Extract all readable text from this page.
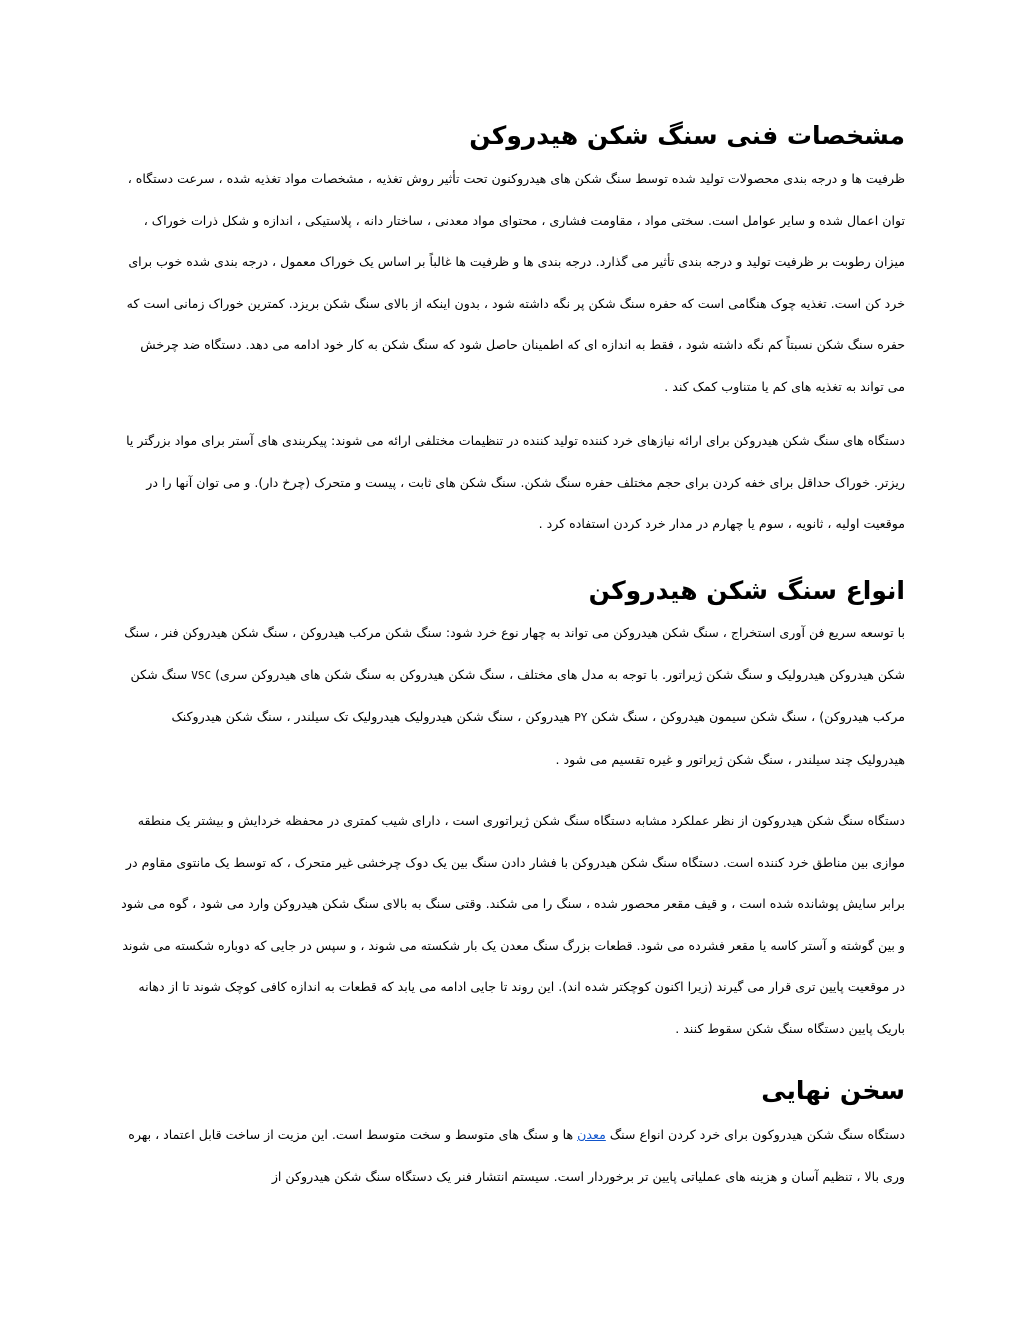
مشخصات فنی سنگ شکن هیدروکن

ظرفیت ها و درجه بندی محصولات تولید شده توسط سنگ شکن های هیدروکنون تحت تأثیر روش تغذیه ، مشخصات مواد تغذیه شده ، سرعت دستگاه ، توان اعمال شده و سایر عوامل است. سختی مواد ، مقاومت فشاری ، محتوای مواد معدنی ، ساختار دانه ، پلاستیکی ، اندازه و شکل ذرات خوراک ، میزان رطوبت بر ظرفیت تولید و درجه بندی تأثیر می گذارد. درجه بندی ها و ظرفیت ها غالباً بر اساس یک خوراک معمول ، درجه بندی شده خوب برای خرد کن است. تغذیه چوک هنگامی است که حفره سنگ شکن پر نگه داشته شود ، بدون اینکه از بالای سنگ شکن بریزد. کمترین خوراک زمانی است که حفره سنگ شکن نسبتاً کم نگه داشته شود ، فقط به اندازه ای که اطمینان حاصل شود که سنگ شکن به کار خود ادامه می دهد. دستگاه ضد چرخش می تواند به تغذیه های کم یا متناوب کمک کند .

دستگاه های سنگ شکن هیدروکن برای ارائه نیازهای خرد کننده تولید کننده در تنظیمات مختلفی ارائه می شوند: پیکربندی های آستر برای مواد بزرگتر یا ریزتر. خوراک حداقل برای خفه کردن برای حجم مختلف حفره سنگ شکن. سنگ شکن های ثابت ، پیست و متحرک (چرخ دار). و می توان آنها را در موقعیت اولیه ، ثانویه ، سوم یا چهارم در مدار خرد کردن استفاده کرد .

انواع سنگ شکن هیدروکن

با توسعه سریع فن آوری استخراج ، سنگ شکن هیدروکن می تواند به چهار نوع خرد شود: سنگ شکن مرکب هیدروکن ، سنگ شکن هیدروکن فنر ، سنگ شکن هیدروکن هیدرولیک و سنگ شکن ژیراتور. با توجه به مدل های مختلف ، سنگ شکن هیدروکن به سنگ شکن های هیدروکن سری) VSC سنگ شکن مرکب هیدروکن) ، سنگ شکن سیمون هیدروکن ، سنگ شکن PY هیدروکن ، سنگ شکن هیدرولیک هیدرولیک تک سیلندر ، سنگ شکن هیدروکنک هیدرولیک چند سیلندر ، سنگ شکن ژیراتور و غیره تقسیم می شود .

دستگاه سنگ شکن هیدروکون از نظر عملکرد مشابه دستگاه سنگ شکن ژیراتوری است ، دارای شیب کمتری در محفظه خردایش و بیشتر یک منطقه موازی بین مناطق خرد کننده است. دستگاه سنگ شکن هیدروکن با فشار دادن سنگ بین یک دوک چرخشی غیر متحرک ، که توسط یک مانتوی مقاوم در برابر سایش پوشانده شده است ، و قیف مقعر محصور شده ، سنگ را می شکند. وقتی سنگ به بالای سنگ شکن هیدروکن وارد می شود ، گوه می شود و بین گوشته و آستر کاسه یا مقعر فشرده می شود. قطعات بزرگ سنگ معدن یک بار شکسته می شوند ، و سپس در جایی که دوباره شکسته می شوند در موقعیت پایین تری قرار می گیرند (زیرا اکنون کوچکتر شده اند). این روند تا جایی ادامه می یابد که قطعات به اندازه کافی کوچک شوند تا از دهانه باریک پایین دستگاه سنگ شکن سقوط کنند .

سخن نهایی

دستگاه سنگ شکن هیدروکون برای خرد کردن انواع سنگ معدن ها و سنگ های متوسط و سخت متوسط است. این مزیت از ساخت قابل اعتماد ، بهره وری بالا ، تنظیم آسان و هزینه های عملیاتی پایین تر برخوردار است. سیستم انتشار فنر یک دستگاه سنگ شکن هیدروکن از
